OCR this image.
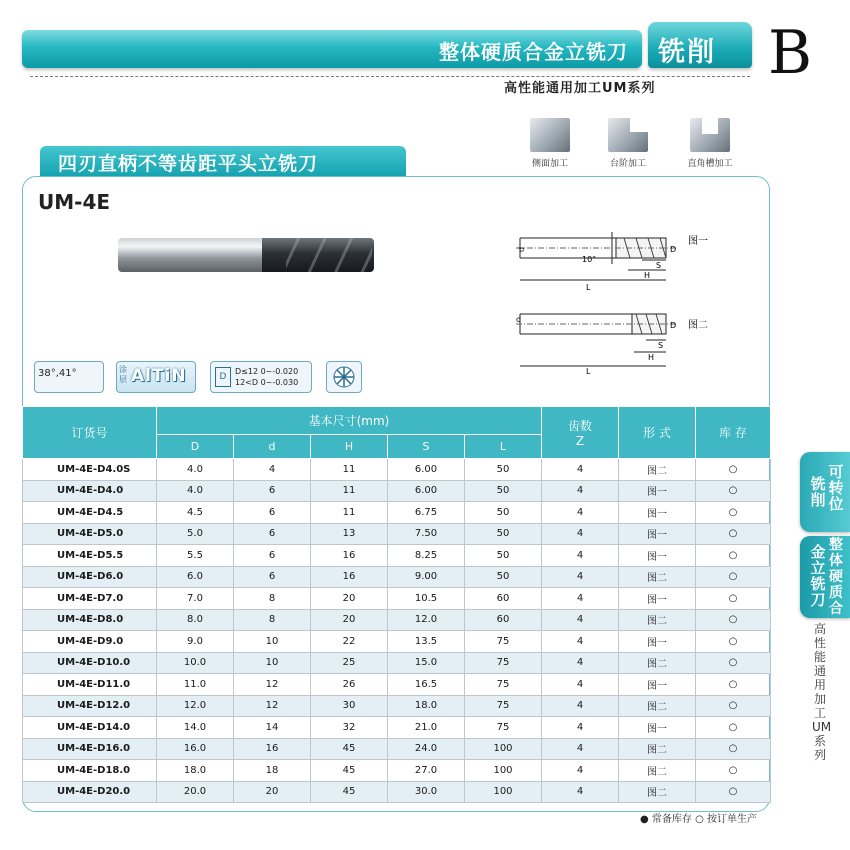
整体硬质合金立铣刀 铣削 B
高性能通用加工UM系列
侧面加工	台阶加工	直角槽加工
四刃直柄不等齿距平头立铣刀
UM-4E
S
H
L
d	D
10°
图一
S
H
L
d
D 图二
38°,41°	涂层 AlTiN	D
D≤12 0~-0.020
12<D 0~-0.030
订货号	基本尺寸(mm)					齿数
Z	形 式	库 存
	D	d	H	S	L			
UM-4E-D4.0S	4.0	4	11	6.00	50	4	图二	○
UM-4E-D4.0	4.0	6	11	6.00	50	4	图一	○
UM-4E-D4.5	4.5	6	11	6.75	50	4	图一	○
UM-4E-D5.0	5.0	6	13	7.50	50	4	图一	○
UM-4E-D5.5	5.5	6	16	8.25	50	4	图一	○
UM-4E-D6.0	6.0	6	16	9.00	50	4	图二	○
UM-4E-D7.0	7.0	8	20	10.5	60	4	图一	○
UM-4E-D8.0	8.0	8	20	12.0	60	4	图二	○
UM-4E-D9.0	9.0	10	22	13.5	75	4	图一	○
UM-4E-D10.0	10.0	10	25	15.0	75	4	图二	○
UM-4E-D11.0	11.0	12	26	16.5	75	4	图一	○
UM-4E-D12.0	12.0	12	30	18.0	75	4	图二	○
UM-4E-D14.0	14.0	14	32	21.0	75	4	图一	○
UM-4E-D16.0	16.0	16	45	24.0	100	4	图二	○
UM-4E-D18.0	18.0	18	45	27.0	100	4	图二	○
UM-4E-D20.0	20.0	20	45	30.0	100	4	图二	○
● 常备库存 ○ 按订单生产
铣削
可转位
金立铣刀
整体硬质合
高性能通用加工UM系列
